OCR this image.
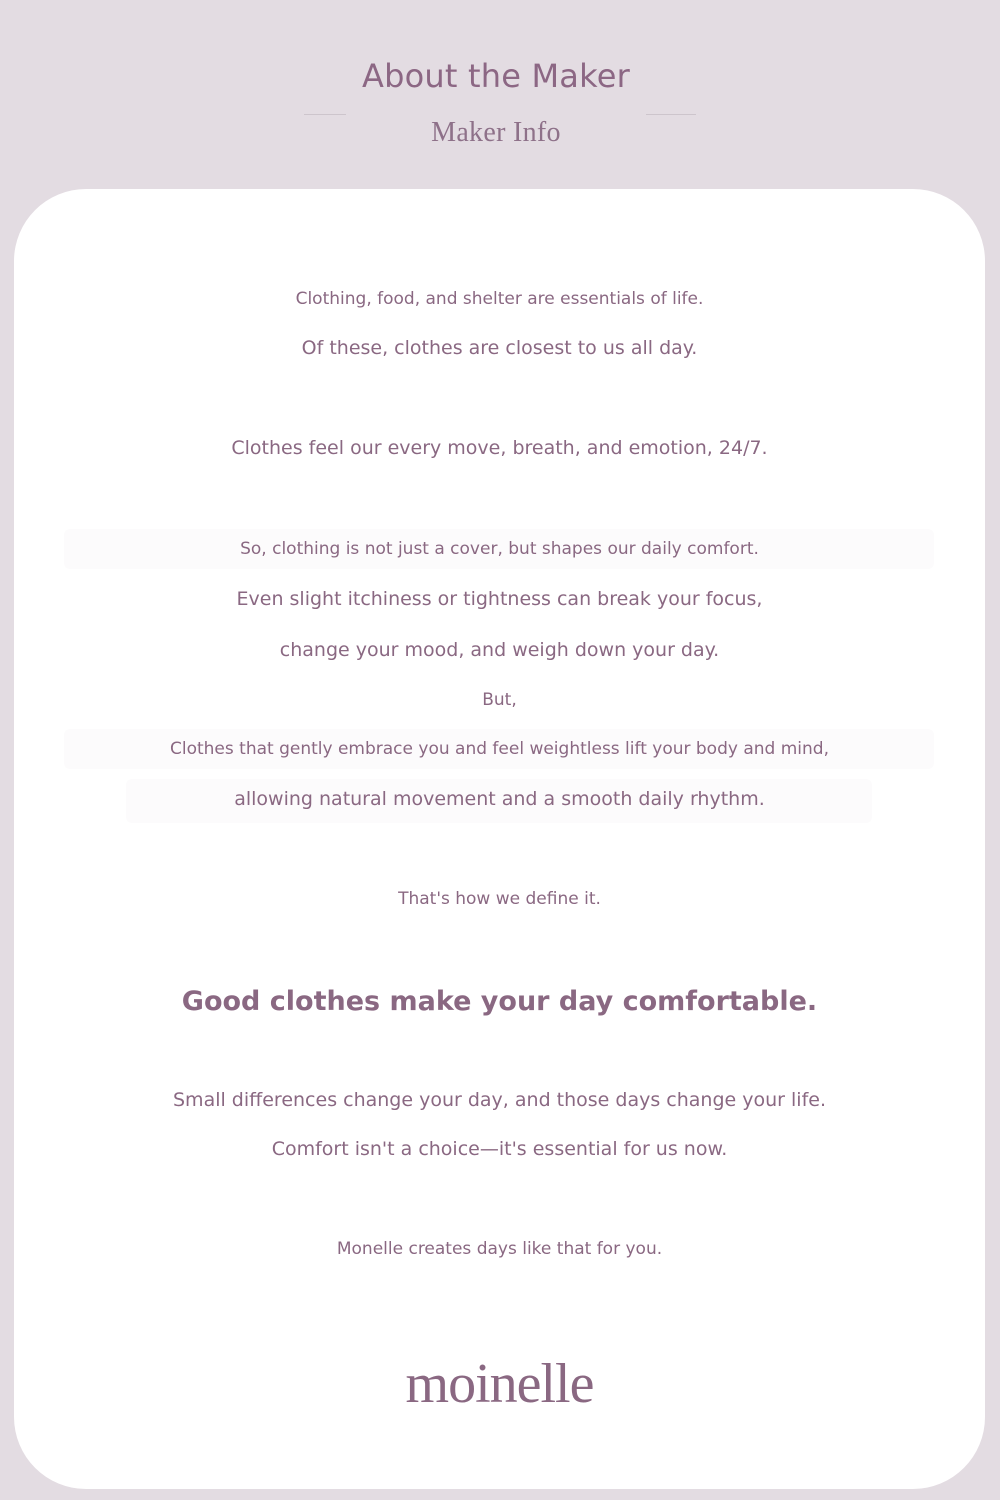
About the Maker
Maker Info
Clothing, food, and shelter are essentials of life.
Of these, clothes are closest to us all day.
Clothes feel our every move, breath, and emotion, 24/7.
So, clothing is not just a cover, but shapes our daily comfort.
Even slight itchiness or tightness can break your focus,
change your mood, and weigh down your day.
But,
Clothes that gently embrace you and feel weightless lift your body and mind,
allowing natural movement and a smooth daily rhythm.
That's how we define it.
Good clothes make your day comfortable.
Small differences change your day, and those days change your life.
Comfort isn't a choice—it's essential for us now.
Monelle creates days like that for you.
moinelle
